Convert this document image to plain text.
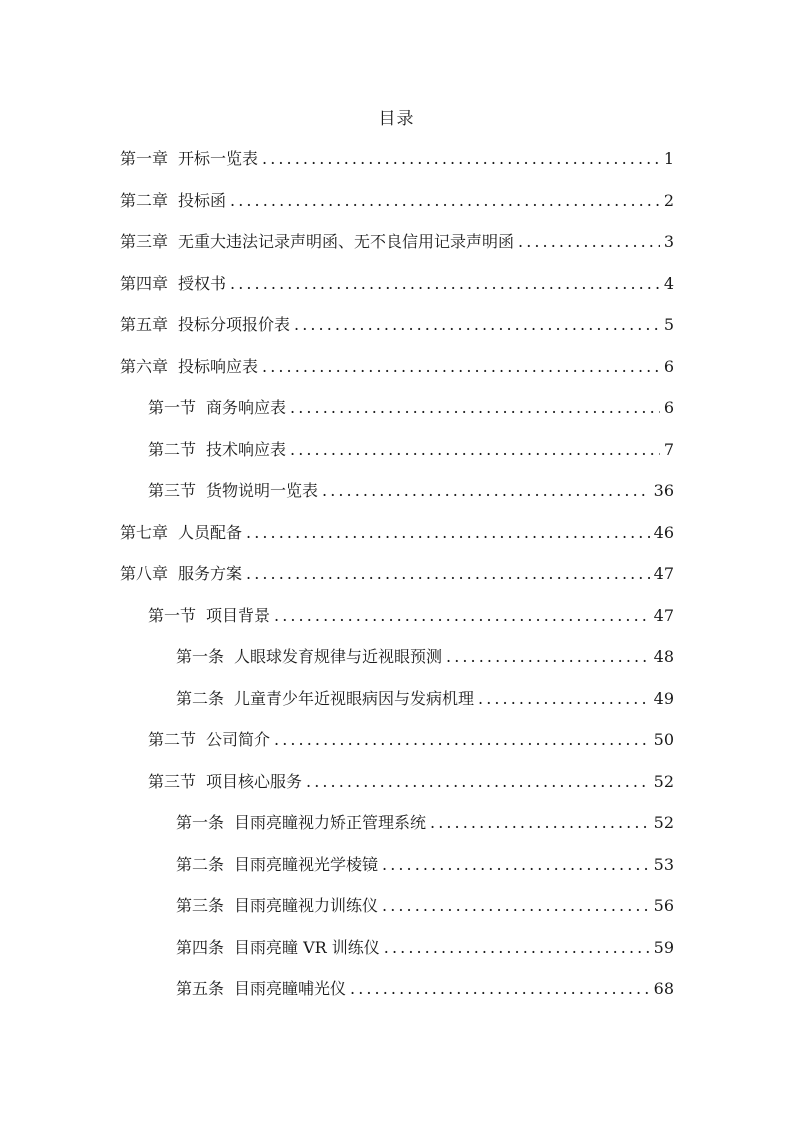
目录
第一章 开标一览表 . . .	1
第二章 投标函 . . .	2
第三章 无重大违法记录声明函、无不良信用记录声明函 . . .	3
第四章 授权书 . . .	4
第五章 投标分项报价表 . . .	5
第六章 投标响应表 . . .	6
第一节 商务响应表 . . .	6
第二节 技术响应表 . . .	7
第三节 货物说明一览表 . . .	36
第七章 人员配备 . . .	46
第八章 服务方案 . . .	47
第一节 项目背景 . . .	47
第一条 人眼球发育规律与近视眼预测 . . .	48
第二条 儿童青少年近视眼病因与发病机理 . . .	49
第二节 公司简介 . . .	50
第三节 项目核心服务 . . .	52
第一条 目雨亮瞳视力矫正管理系统 . . .	52
第二条 目雨亮瞳视光学棱镜 . . .	53
第三条 目雨亮瞳视力训练仪 . . .	56
第四条 目雨亮瞳 VR 训练仪 . . .	59
第五条 目雨亮瞳哺光仪 . . .	68
